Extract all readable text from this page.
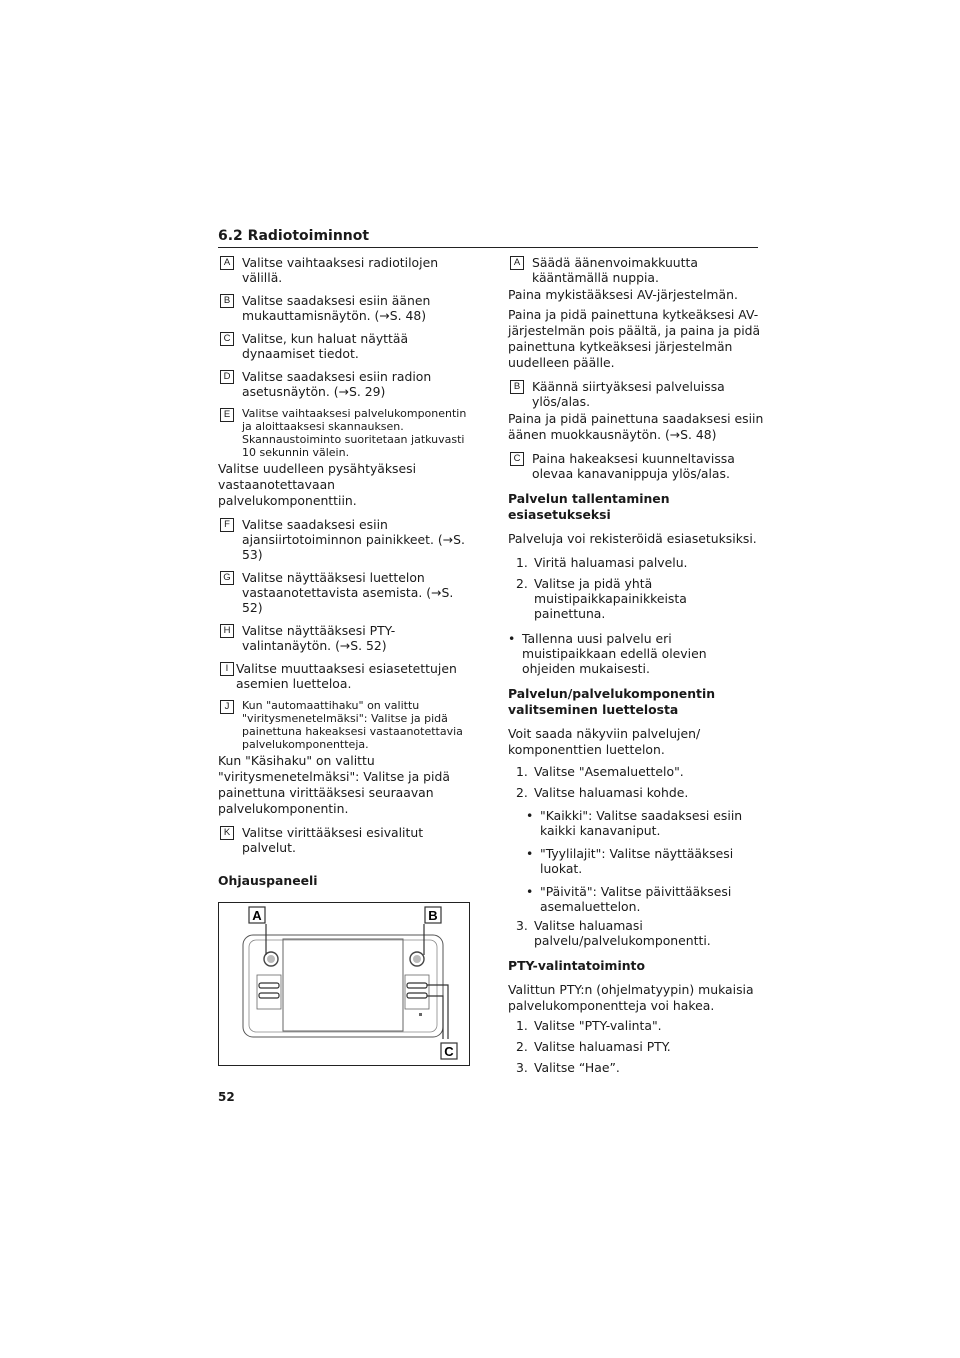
6.2 Radiotoiminnot
A Valitse vaihtaaksesi radiotilojen välillä.
B Valitse saadaksesi esiin äänen mukauttamisnäytön. (→S. 48)
C Valitse, kun haluat näyttää dynaamiset tiedot.
D Valitse saadaksesi esiin radion asetusnäytön. (→S. 29)
E	Valitse vaihtaaksesi palvelukomponentin ja aloittaaksesi skannauksen. Skannaustoiminto suoritetaan jatkuvasti 10 sekunnin välein.

Valitse uudelleen pysähtyäksesi vastaanotettavaan palvelukomponenttiin.

F Valitse saadaksesi esiin ajansiirtotoiminnon painikkeet. (→S. 53)
G Valitse näyttääksesi luettelon vastaanotettavista asemista. (→S. 52)
H Valitse näyttääksesi PTY-valintanäytön. (→S. 52)
I Valitse muuttaaksesi esiasetettujen asemien luetteloa.
J	Kun "automaattihaku" on valittu "viritysmenetelmäksi": Valitse ja pidä painettuna hakeaksesi vastaanotettavia palvelukomponentteja.

Kun "Käsihaku" on valittu "viritysmenetelmäksi": Valitse ja pidä painettuna virittääksesi seuraavan palvelukomponentin.

K Valitse virittääksesi esivalitut palvelut.

Ohjauspaneeli

A	B
C
A Säädä äänenvoimakkuutta kääntämällä nuppia.

Paina mykistääksesi AV-järjestelmän.

Paina ja pidä painettuna kytkeäksesi AV-järjestelmän pois päältä, ja paina ja pidä painettuna kytkeäksesi järjestelmän uudelleen päälle.

B Käännä siirtyäksesi palveluissa ylös/alas.

Paina ja pidä painettuna saadaksesi esiin äänen muokkausnäytön. (→S. 48)

C Paina hakeaksesi kuunneltavissa olevaa kanavanippuja ylös/alas.

Palvelun tallentaminen esiasetukseksi

Palveluja voi rekisteröidä esiasetuksiksi.

1. Viritä haluamasi palvelu.
2. Valitse ja pidä yhtä muistipaikkapainikkeista painettuna.
• Tallenna uusi palvelu eri muistipaikkaan edellä olevien ohjeiden mukaisesti.

Palvelun/palvelukomponentin valitseminen luettelosta

Voit saada näkyviin palvelujen/ komponenttien luettelon.

1. Valitse "Asemaluettelo".
2. Valitse haluamasi kohde.
• "Kaikki": Valitse saadaksesi esiin kaikki kanavaniput.
• "Tyylilajit": Valitse näyttääksesi luokat.
• "Päivitä": Valitse päivittääksesi asemaluettelon.
3. Valitse haluamasi palvelu/palvelukomponentti.

PTY-valintatoiminto

Valittun PTY:n (ohjelmatyypin) mukaisia palvelukomponentteja voi hakea.

1. Valitse "PTY-valinta".
2. Valitse haluamasi PTY.
3. Valitse “Hae”.
52
